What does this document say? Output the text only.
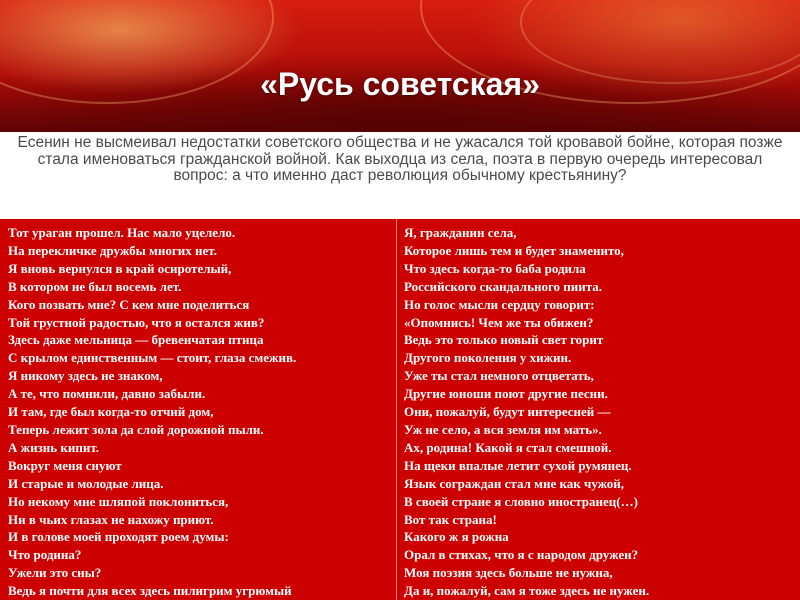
«Русь советская»

Есенин не высмеивал недостатки советского общества и не ужасался той кровавой бойне, которая позже стала именоваться гражданской войной. Как выходца из села, поэта в первую очередь интересовал вопрос: а что именно даст революция обычному крестьянину?

Тот ураган прошел. Нас мало уцелело.
На перекличке дружбы многих нет.
Я вновь вернулся в край осиротелый,
В котором не был восемь лет.
Кого позвать мне? С кем мне поделиться
Той грустной радостью, что я остался жив?
Здесь даже мельница — бревенчатая птица
С крылом единственным — стоит, глаза смежив.
Я никому здесь не знаком,
А те, что помнили, давно забыли.
И там, где был когда-то отчий дом,
Теперь лежит зола да слой дорожной пыли.
А жизнь кипит.
Вокруг меня снуют
И старые и молодые лица.
Но некому мне шляпой поклониться,
Ни в чьих глазах не нахожу приют.
И в голове моей проходят роем думы:
Что родина?
Ужели это сны?
Ведь я почти для всех здесь пилигрим угрюмый
Я, гражданин села,
Которое лишь тем и будет знаменито,
Что здесь когда-то баба родила
Российского скандального пиита.
Но голос мысли сердцу говорит:
«Опомнись! Чем же ты обижен?
Ведь это только новый свет горит
Другого поколения у хижин.
Уже ты стал немного отцветать,
Другие юноши поют другие песни.
Они, пожалуй, будут интересней —
Уж не село, а вся земля им мать».
Ах, родина! Какой я стал смешной.
На щеки впалые летит сухой румянец.
Язык сограждан стал мне как чужой,
В своей стране я словно иностранец(…)
Вот так страна!
Какого ж я рожна
Орал в стихах, что я с народом дружен?
Моя поэзия здесь больше не нужна,
Да и, пожалуй, сам я тоже здесь не нужен.
